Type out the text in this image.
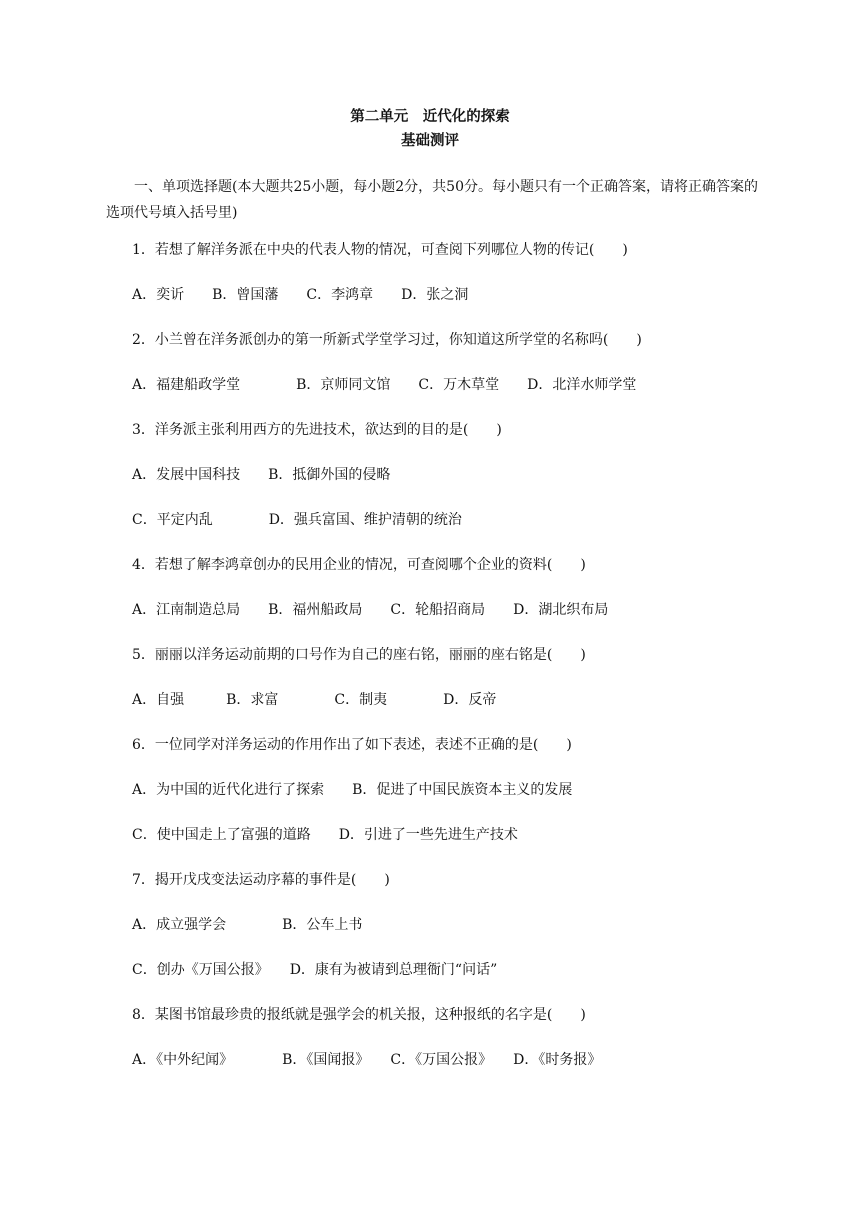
第二单元　近代化的探索
基础测评
一、单项选择题(本大题共25小题，每小题2分，共50分。每小题只有一个正确答案，请将正确答案的选项代号填入括号里)
1．若想了解洋务派在中央的代表人物的情况，可查阅下列哪位人物的传记(　　)
A．奕䜣　　B．曾国藩　　C．李鸿章　　D．张之洞
2．小兰曾在洋务派创办的第一所新式学堂学习过，你知道这所学堂的名称吗(　　)
A．福建船政学堂　　　　B．京师同文馆　　C．万木草堂　　D．北洋水师学堂
3．洋务派主张利用西方的先进技术，欲达到的目的是(　　)
A．发展中国科技　　B．抵御外国的侵略
C．平定内乱　　　　D．强兵富国、维护清朝的统治
4．若想了解李鸿章创办的民用企业的情况，可查阅哪个企业的资料(　　)
A．江南制造总局　　B．福州船政局　　C．轮船招商局　　D．湖北织布局
5．丽丽以洋务运动前期的口号作为自己的座右铭，丽丽的座右铭是(　　)
A．自强　　　B．求富　　　　C．制夷　　　　D．反帝
6．一位同学对洋务运动的作用作出了如下表述，表述不正确的是(　　)
A．为中国的近代化进行了探索　　B．促进了中国民族资本主义的发展
C．使中国走上了富强的道路　　D．引进了一些先进生产技术
7．揭开戊戌变法运动序幕的事件是(　　)
A．成立强学会　　　　B．公车上书
C．创办《万国公报》　　D．康有为被请到总理衙门“问话”
8．某图书馆最珍贵的报纸就是强学会的机关报，这种报纸的名字是(　　)
A．《中外纪闻》　　　　B．《国闻报》　　C．《万国公报》　　D．《时务报》
